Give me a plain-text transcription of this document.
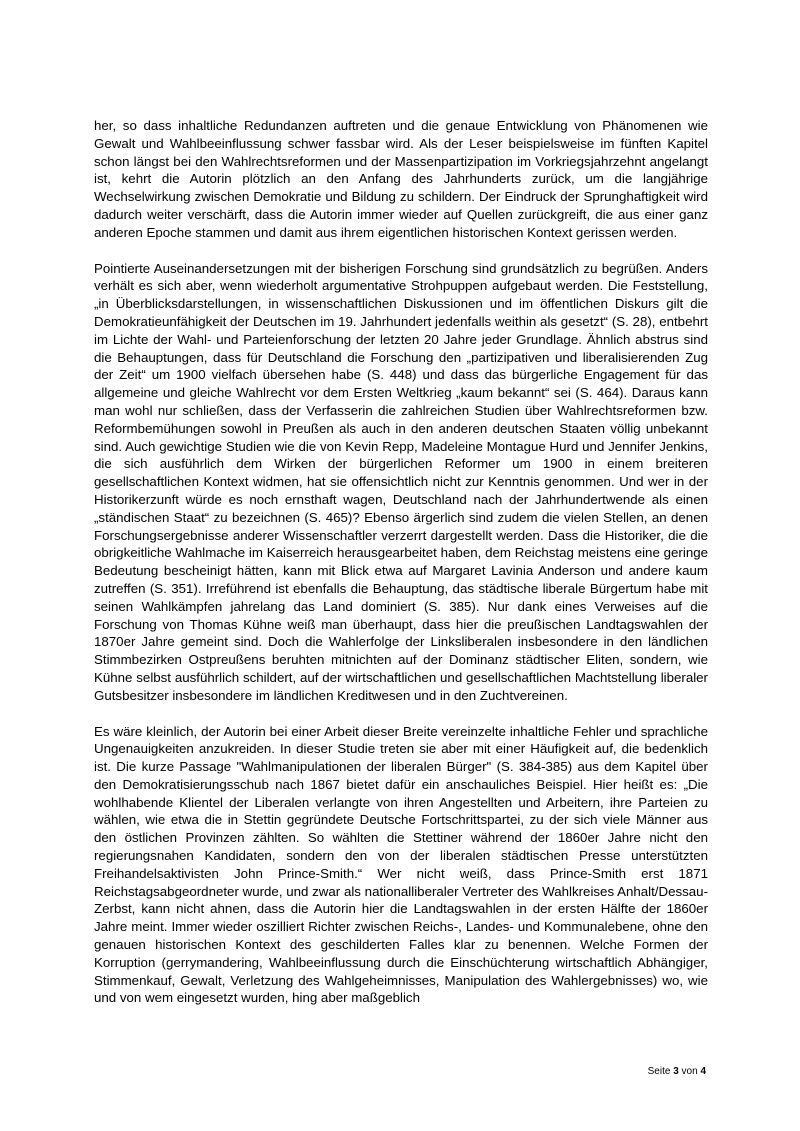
her, so dass inhaltliche Redundanzen auftreten und die genaue Entwicklung von Phänomenen wie Gewalt und Wahlbeeinflussung schwer fassbar wird. Als der Leser beispielsweise im fünften Kapitel schon längst bei den Wahlrechtsreformen und der Massenpartizipation im Vorkriegsjahrzehnt angelangt ist, kehrt die Autorin plötzlich an den Anfang des Jahrhunderts zurück, um die langjährige Wechselwirkung zwischen Demokratie und Bildung zu schildern. Der Eindruck der Sprunghaftigkeit wird dadurch weiter verschärft, dass die Autorin immer wieder auf Quellen zurückgreift, die aus einer ganz anderen Epoche stammen und damit aus ihrem eigentlichen historischen Kontext gerissen werden.

Pointierte Auseinandersetzungen mit der bisherigen Forschung sind grundsätzlich zu begrüßen. Anders verhält es sich aber, wenn wiederholt argumentative Strohpuppen aufgebaut werden. Die Feststellung, „in Überblicksdarstellungen, in wissenschaftlichen Diskussionen und im öffentlichen Diskurs gilt die Demokratieunfähigkeit der Deutschen im 19. Jahrhundert jedenfalls weithin als gesetzt“ (S. 28), entbehrt im Lichte der Wahl- und Parteienforschung der letzten 20 Jahre jeder Grundlage. Ähnlich abstrus sind die Behauptungen, dass für Deutschland die Forschung den „partizipativen und liberalisierenden Zug der Zeit“ um 1900 vielfach übersehen habe (S. 448) und dass das bürgerliche Engagement für das allgemeine und gleiche Wahlrecht vor dem Ersten Weltkrieg „kaum bekannt“ sei (S. 464). Daraus kann man wohl nur schließen, dass der Verfasserin die zahlreichen Studien über Wahlrechtsreformen bzw. Reformbemühungen sowohl in Preußen als auch in den anderen deutschen Staaten völlig unbekannt sind. Auch gewichtige Studien wie die von Kevin Repp, Madeleine Montague Hurd und Jennifer Jenkins, die sich ausführlich dem Wirken der bürgerlichen Reformer um 1900 in einem breiteren gesellschaftlichen Kontext widmen, hat sie offensichtlich nicht zur Kenntnis genommen. Und wer in der Historikerzunft würde es noch ernsthaft wagen, Deutschland nach der Jahrhundertwende als einen „ständischen Staat“ zu bezeichnen (S. 465)? Ebenso ärgerlich sind zudem die vielen Stellen, an denen Forschungsergebnisse anderer Wissenschaftler verzerrt dargestellt werden. Dass die Historiker, die die obrigkeitliche Wahlmache im Kaiserreich herausgearbeitet haben, dem Reichstag meistens eine geringe Bedeutung bescheinigt hätten, kann mit Blick etwa auf Margaret Lavinia Anderson und andere kaum zutreffen (S. 351). Irreführend ist ebenfalls die Behauptung, das städtische liberale Bürgertum habe mit seinen Wahlkämpfen jahrelang das Land dominiert (S. 385). Nur dank eines Verweises auf die Forschung von Thomas Kühne weiß man überhaupt, dass hier die preußischen Landtagswahlen der 1870er Jahre gemeint sind. Doch die Wahlerfolge der Linksliberalen insbesondere in den ländlichen Stimmbezirken Ostpreußens beruhten mitnichten auf der Dominanz städtischer Eliten, sondern, wie Kühne selbst ausführlich schildert, auf der wirtschaftlichen und gesellschaftlichen Machtstellung liberaler Gutsbesitzer insbesondere im ländlichen Kreditwesen und in den Zuchtvereinen.

Es wäre kleinlich, der Autorin bei einer Arbeit dieser Breite vereinzelte inhaltliche Fehler und sprachliche Ungenauigkeiten anzukreiden. In dieser Studie treten sie aber mit einer Häufigkeit auf, die bedenklich ist. Die kurze Passage "Wahlmanipulationen der liberalen Bürger" (S. 384-385) aus dem Kapitel über den Demokratisierungsschub nach 1867 bietet dafür ein anschauliches Beispiel. Hier heißt es: „Die wohlhabende Klientel der Liberalen verlangte von ihren Angestellten und Arbeitern, ihre Parteien zu wählen, wie etwa die in Stettin gegründete Deutsche Fortschrittspartei, zu der sich viele Männer aus den östlichen Provinzen zählten. So wählten die Stettiner während der 1860er Jahre nicht den regierungsnahen Kandidaten, sondern den von der liberalen städtischen Presse unterstützten Freihandelsaktivisten John Prince-Smith.“ Wer nicht weiß, dass Prince-Smith erst 1871 Reichstagsabgeordneter wurde, und zwar als nationalliberaler Vertreter des Wahlkreises Anhalt/Dessau-Zerbst, kann nicht ahnen, dass die Autorin hier die Landtagswahlen in der ersten Hälfte der 1860er Jahre meint. Immer wieder oszilliert Richter zwischen Reichs-, Landes- und Kommunalebene, ohne den genauen historischen Kontext des geschilderten Falles klar zu benennen. Welche Formen der Korruption (gerrymandering, Wahlbeeinflussung durch die Einschüchterung wirtschaftlich Abhängiger, Stimmenkauf, Gewalt, Verletzung des Wahlgeheimnisses, Manipulation des Wahlergebnisses) wo, wie und von wem eingesetzt wurden, hing aber maßgeblich

Seite 3 von 4
